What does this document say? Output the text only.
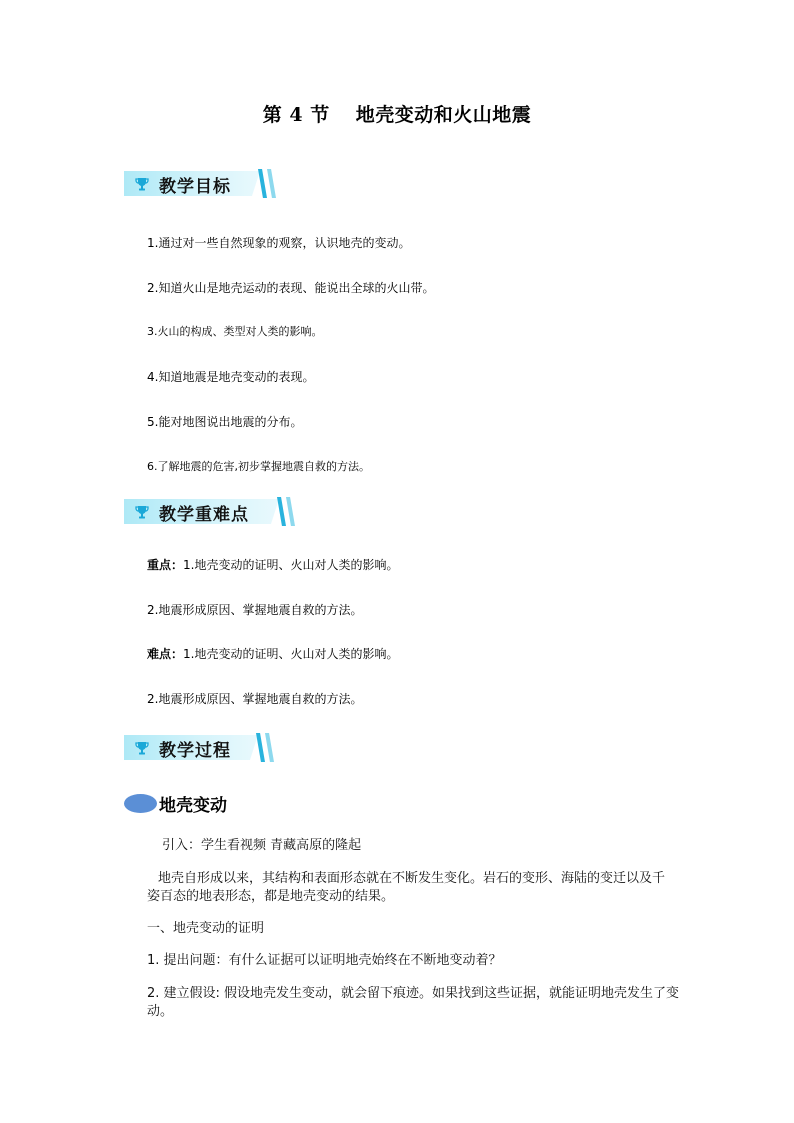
第 4 节 地壳变动和火山地震
教学目标
1.通过对一些自然现象的观察，认识地壳的变动。
2.知道火山是地壳运动的表现、能说出全球的火山带。
3.火山的构成、类型对人类的影响。
4.知道地震是地壳变动的表现。
5.能对地图说出地震的分布。
6.了解地震的危害,初步掌握地震自救的方法。
教学重难点
重点：1.地壳变动的证明、火山对人类的影响。
2.地震形成原因、掌握地震自救的方法。
难点：1.地壳变动的证明、火山对人类的影响。
2.地震形成原因、掌握地震自救的方法。
教学过程
地壳变动
引入：学生看视频 青藏高原的隆起
地壳自形成以来，其结构和表面形态就在不断发生变化。岩石的变形、海陆的变迁以及千姿百态的地表形态，都是地壳变动的结果。
一、地壳变动的证明
1. 提出问题：有什么证据可以证明地壳始终在不断地变动着？
2. 建立假设: 假设地壳发生变动，就会留下痕迹。如果找到这些证据，就能证明地壳发生了变动。
